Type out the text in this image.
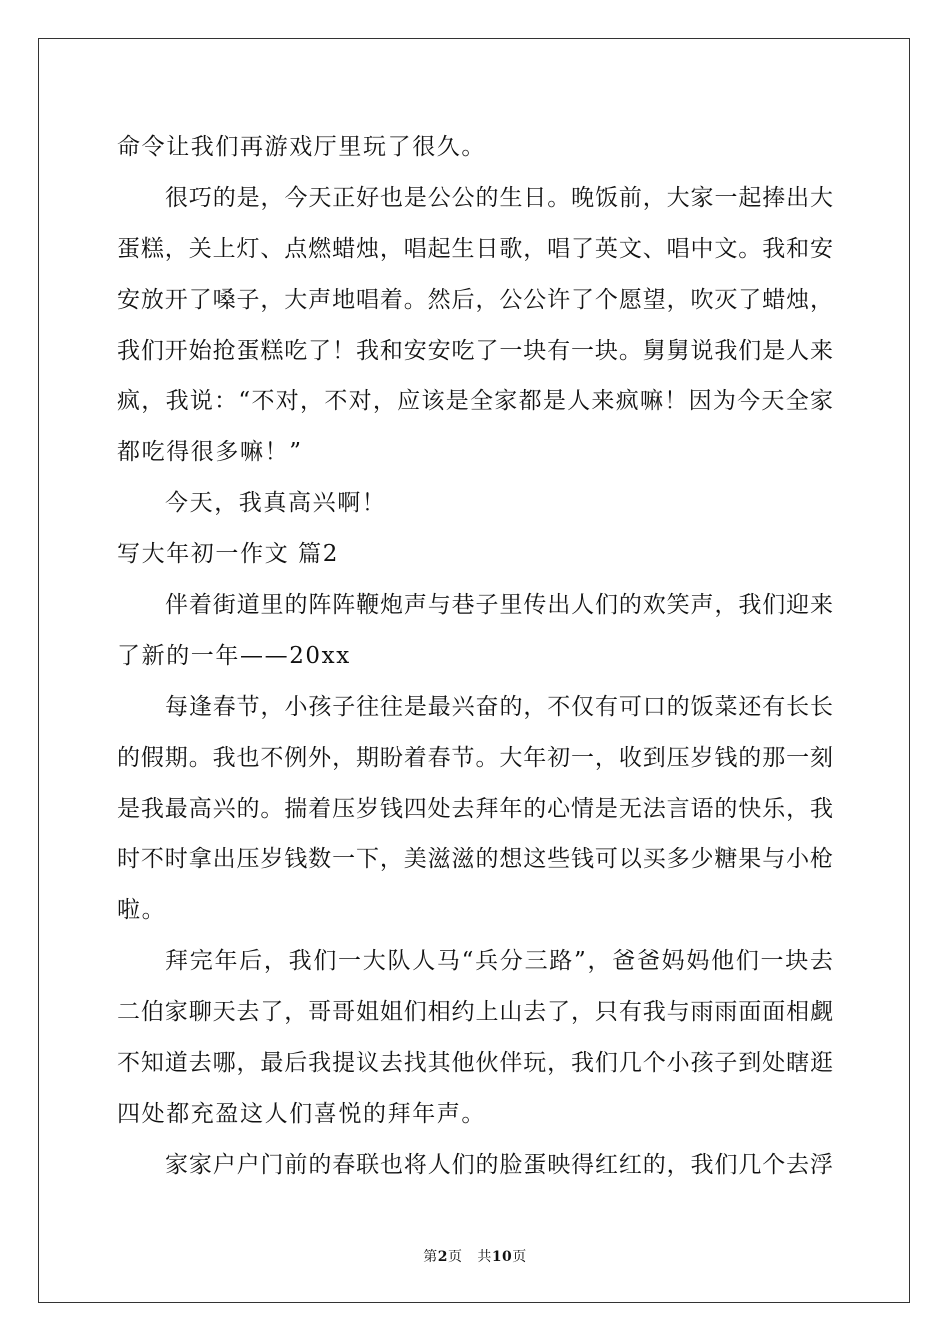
命令让我们再游戏厅里玩了很久。
很巧的是，今天正好也是公公的生日。晚饭前，大家一起捧出大
蛋糕，关上灯、点燃蜡烛，唱起生日歌，唱了英文、唱中文。我和安
安放开了嗓子，大声地唱着。然后，公公许了个愿望，吹灭了蜡烛，
我们开始抢蛋糕吃了！我和安安吃了一块有一块。舅舅说我们是人来
疯，我说：“不对，不对，应该是全家都是人来疯嘛！因为今天全家
都吃得很多嘛！”
今天，我真高兴啊！
写大年初一作文 篇2
伴着街道里的阵阵鞭炮声与巷子里传出人们的欢笑声，我们迎来
了新的一年——20xx
每逢春节，小孩子往往是最兴奋的，不仅有可口的饭菜还有长长
的假期。我也不例外，期盼着春节。大年初一，收到压岁钱的那一刻
是我最高兴的。揣着压岁钱四处去拜年的心情是无法言语的快乐，我
时不时拿出压岁钱数一下，美滋滋的想这些钱可以买多少糖果与小枪
啦。
拜完年后，我们一大队人马“兵分三路”，爸爸妈妈他们一块去
二伯家聊天去了，哥哥姐姐们相约上山去了，只有我与雨雨面面相觑
不知道去哪，最后我提议去找其他伙伴玩，我们几个小孩子到处瞎逛
四处都充盈这人们喜悦的拜年声。
家家户户门前的春联也将人们的脸蛋映得红红的，我们几个去浮
第2页 共10页
